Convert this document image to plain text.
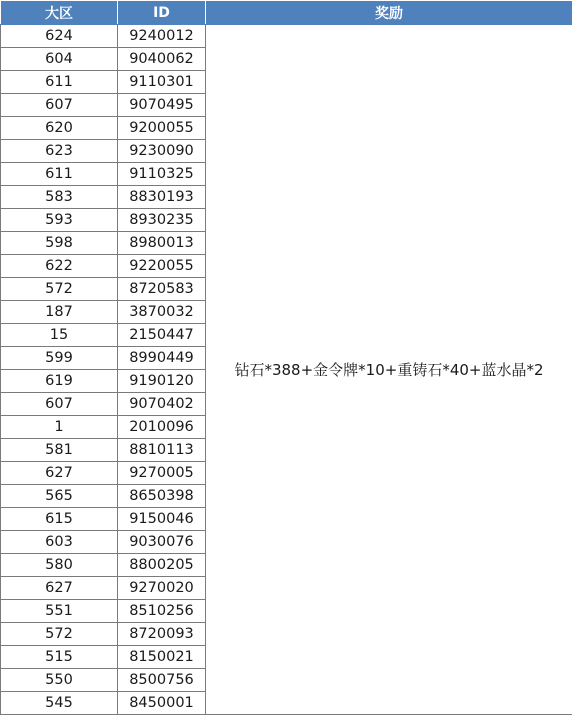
大区	ID	奖励
624	9240012	钻石*388+金令牌*10+重铸石*40+蓝水晶*2
604	9040062	
611	9110301	
607	9070495	
620	9200055	
623	9230090	
611	9110325	
583	8830193	
593	8930235	
598	8980013	
622	9220055	
572	8720583	
187	3870032	
15	2150447	
599	8990449	
619	9190120	
607	9070402	
1	2010096	
581	8810113	
627	9270005	
565	8650398	
615	9150046	
603	9030076	
580	8800205	
627	9270020	
551	8510256	
572	8720093	
515	8150021	
550	8500756	
545	8450001	
